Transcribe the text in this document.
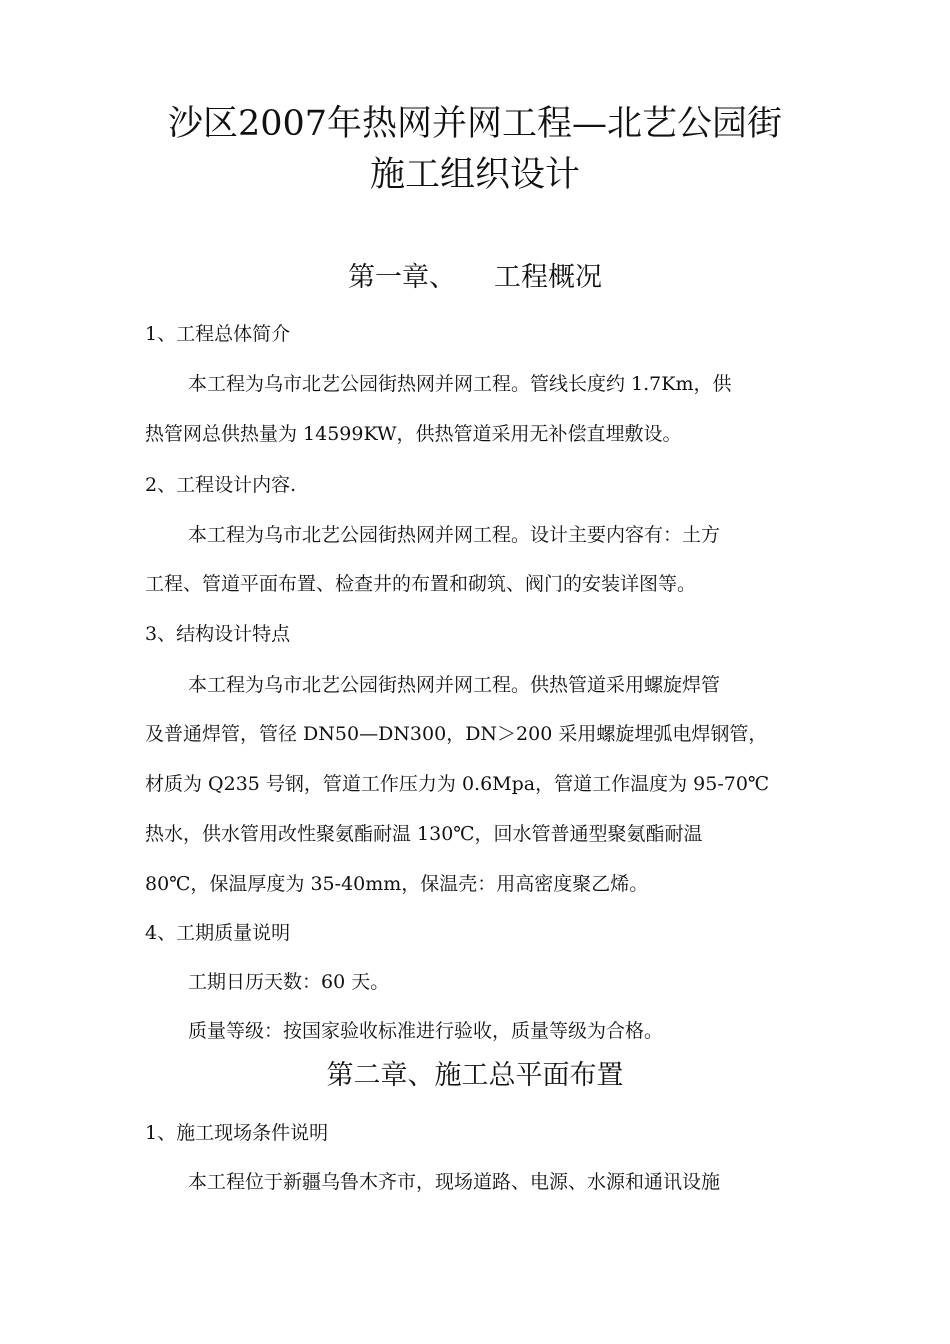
沙区2007年热网并网工程—北艺公园街
施工组织设计
第一章、 工程概况
1、工程总体简介
本工程为乌市北艺公园街热网并网工程。管线长度约 1.7Km，供
热管网总供热量为 14599KW，供热管道采用无补偿直埋敷设。
2、工程设计内容.
本工程为乌市北艺公园街热网并网工程。设计主要内容有：土方
工程、管道平面布置、检查井的布置和砌筑、阀门的安装详图等。
3、结构设计特点
本工程为乌市北艺公园街热网并网工程。供热管道采用螺旋焊管
及普通焊管，管径 DN50—DN300，DN＞200 采用螺旋埋弧电焊钢管，
材质为 Q235 号钢，管道工作压力为 0.6Mpa，管道工作温度为 95-70℃
热水，供水管用改性聚氨酯耐温 130℃，回水管普通型聚氨酯耐温
80℃，保温厚度为 35-40mm，保温壳：用高密度聚乙烯。
4、工期质量说明
工期日历天数：60 天。
质量等级：按国家验收标准进行验收，质量等级为合格。
第二章、施工总平面布置
1、施工现场条件说明
本工程位于新疆乌鲁木齐市，现场道路、电源、水源和通讯设施
